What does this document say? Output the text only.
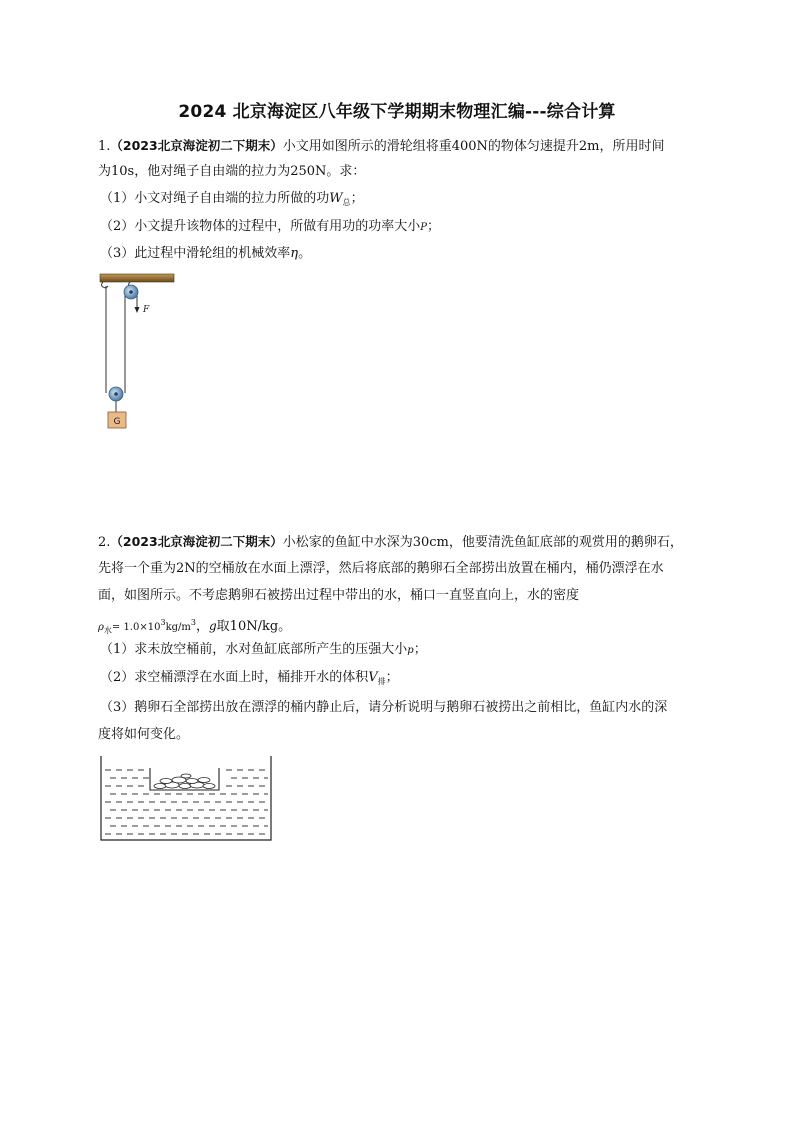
2024 北京海淀区八年级下学期期末物理汇编---综合计算
1.（2023北京海淀初二下期末）小文用如图所示的滑轮组将重400N的物体匀速提升2m，所用时间
为10s，他对绳子自由端的拉力为250N。求：
（1）小文对绳子自由端的拉力所做的功$W_总$；
（2）小文提升该物体的过程中，所做有用功的功率大小P；
（3）此过程中滑轮组的机械效率η。
F
G
2.（2023北京海淀初二下期末）小松家的鱼缸中水深为30cm，他要清洗鱼缸底部的观赏用的鹅卵石，
先将一个重为2N的空桶放在水面上漂浮，然后将底部的鹅卵石全部捞出放置在桶内，桶仍漂浮在水
面，如图所示。不考虑鹅卵石被捞出过程中带出的水，桶口一直竖直向上，水的密度
$\rho_水= 1.0\times 10^3kg/m^3$，g取10N/kg。
（1）求未放空桶前，水对鱼缸底部所产生的压强大小p；
（2）求空桶漂浮在水面上时，桶排开水的体积$V_排$；
（3）鹅卵石全部捞出放在漂浮的桶内静止后，请分析说明与鹅卵石被捞出之前相比，鱼缸内水的深
度将如何变化。
